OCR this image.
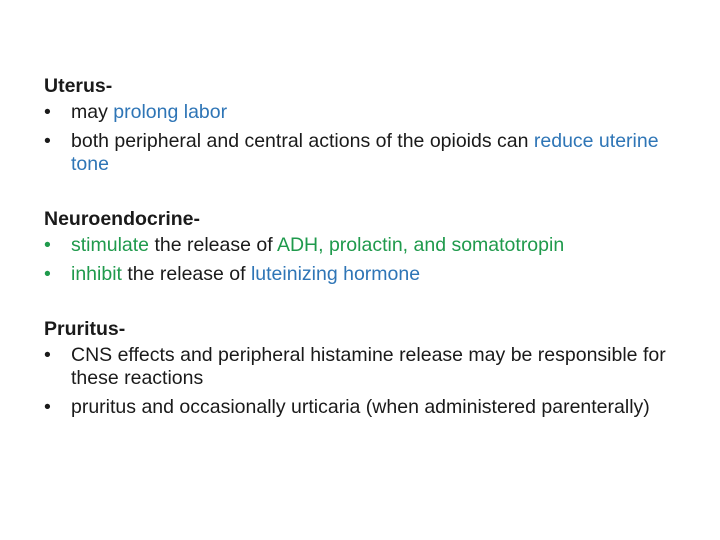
Uterus-
• may prolong labor
• both peripheral and central actions of the opioids can reduce uterine tone
Neuroendocrine-
• stimulate the release of ADH, prolactin, and somatotropin
• inhibit the release of luteinizing hormone
Pruritus-
• CNS effects and peripheral histamine release may be responsible for these reactions
• pruritus and occasionally urticaria (when administered parenterally)
